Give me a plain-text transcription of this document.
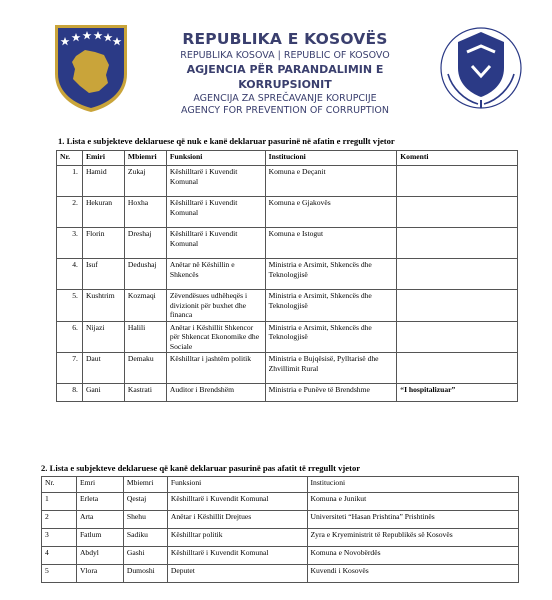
REPUBLIKA E KOSOVËS
REPUBLIKA KOSOVA | REPUBLIC OF KOSOVO
AGJENCIA PËR PARANDALIMIN E KORRUPSIONIT
AGENCIJA ZA SPREČAVANJE KORUPCIJE
AGENCY FOR PREVENTION OF CORRUPTION
1. Lista e subjekteve deklaruese që nuk e kanë deklaruar pasurinë në afatin e rregullt vjetor
Nr.	Emiri	Mbiemri	Funksioni	Institucioni	Komenti
1.	Hamid	Zukaj	Këshilltarë i Kuvendit Komunal	Komuna e Deçanit	
2.	Hekuran	Hoxha	Këshilltarë i Kuvendit Komunal	Komuna e Gjakovës	
3.	Florin	Dreshaj	Këshilltarë i Kuvendit Komunal	Komuna e Istogut	
4.	Isuf	Dedushaj	Anëtar në Këshillin e Shkencës	Ministria e Arsimit, Shkencës dhe Teknologjisë	
5.	Kushtrim	Kozmaqi	Zëvendësues udhëheqës i divizionit për buxhet dhe financa	Ministria e Arsimit, Shkencës dhe Teknologjisë	
6.	Nijazi	Halili	Anëtar i Këshillit Shkencor për Shkencat Ekonomike dhe Sociale	Ministria e Arsimit, Shkencës dhe Teknologjisë	
7.	Daut	Demaku	Këshilltar i jashtëm politik	Ministria e Bujqësisë, Pylltarisë dhe Zhvillimit Rural	
8.	Gani	Kastrati	Auditor i Brendshëm	Ministria e Punëve të Brendshme	“I hospitalizuar”
2. Lista e subjekteve deklaruese që kanë deklaruar pasurinë pas afatit të rregullt vjetor
Nr.	Emri	Mbiemri	Funksioni	Institucioni
1	Erleta	Qestaj	Këshilltarë i Kuvendit Komunal	Komuna e Junikut
2	Arta	Shehu	Anëtar i Këshillit Drejtues	Universiteti “Hasan Prishtina” Prishtinës
3	Fatlum	Sadiku	Këshilltar politik	Zyra e Kryeministrit të Republikës së Kosovës
4	Abdyl	Gashi	Këshilltarë i Kuvendit Komunal	Komuna e Novobërdës
5	Vlora	Dumoshi	Deputet	Kuvendi i Kosovës
